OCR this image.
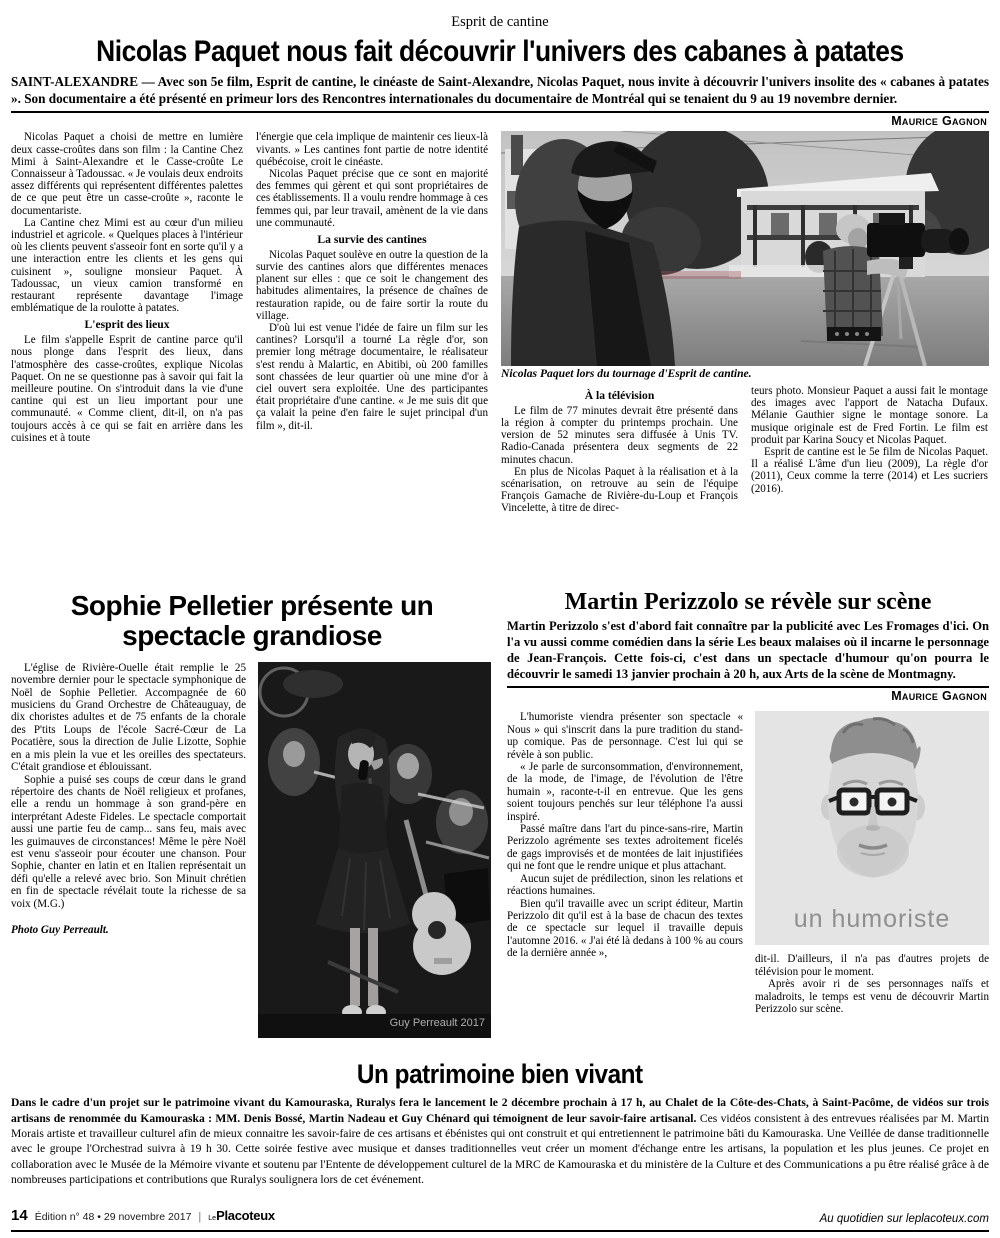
Esprit de cantine
Nicolas Paquet nous fait découvrir l'univers des cabanes à patates
SAINT-ALEXANDRE — Avec son 5e film, Esprit de cantine, le cinéaste de Saint-Alexandre, Nicolas Paquet, nous invite à découvrir l'univers insolite des « cabanes à patates ». Son documentaire a été présenté en primeur lors des Rencontres internationales du documentaire de Montréal qui se tenaient du 9 au 19 novembre dernier.
Maurice Gagnon

Nicolas Paquet a choisi de mettre en lumière deux casse-croûtes dans son film : la Cantine Chez Mimi à Saint-Alexandre et le Casse-croûte Le Connaisseur à Tadoussac. « Je voulais deux endroits assez différents qui représentent différentes palettes de ce que peut être un casse-croûte », raconte le documentariste.

La Cantine chez Mimi est au cœur d'un milieu industriel et agricole. « Quelques places à l'intérieur où les clients peuvent s'asseoir font en sorte qu'il y a une interaction entre les clients et les gens qui cuisinent », souligne monsieur Paquet. À Tadoussac, un vieux camion transformé en restaurant représente davantage l'image emblématique de la roulotte à patates.

L'esprit des lieux

Le film s'appelle Esprit de cantine parce qu'il nous plonge dans l'esprit des lieux, dans l'atmosphère des casse-croûtes, explique Nicolas Paquet. On ne se questionne pas à savoir qui fait la meilleure poutine. On s'introduit dans la vie d'une cantine qui est un lieu important pour une communauté. « Comme client, dit-il, on n'a pas toujours accès à ce qui se fait en arrière dans les cuisines et à toute

l'énergie que cela implique de maintenir ces lieux-là vivants. » Les cantines font partie de notre identité québécoise, croit le cinéaste.

Nicolas Paquet précise que ce sont en majorité des femmes qui gèrent et qui sont propriétaires de ces établissements. Il a voulu rendre hommage à ces femmes qui, par leur travail, amènent de la vie dans une communauté.

La survie des cantines

Nicolas Paquet soulève en outre la question de la survie des cantines alors que différentes menaces planent sur elles : que ce soit le changement des habitudes alimentaires, la présence de chaînes de restauration rapide, ou de faire sortir la route du village.

D'où lui est venue l'idée de faire un film sur les cantines? Lorsqu'il a tourné La règle d'or, son premier long métrage documentaire, le réalisateur s'est rendu à Malartic, en Abitibi, où 200 familles sont chassées de leur quartier où une mine d'or à ciel ouvert sera exploitée. Une des participantes était propriétaire d'une cantine. « Je me suis dit que ça valait la peine d'en faire le sujet principal d'un film », dit-il.

Nicolas Paquet lors du tournage d'Esprit de cantine.
À la télévision

Le film de 77 minutes devrait être présenté dans la région à compter du printemps prochain. Une version de 52 minutes sera diffusée à Unis TV. Radio-Canada présentera deux segments de 22 minutes chacun.

En plus de Nicolas Paquet à la réalisation et à la scénarisation, on retrouve au sein de l'équipe François Gamache de Rivière-du-Loup et François Vincelette, à titre de direc-

teurs photo. Monsieur Paquet a aussi fait le montage des images avec l'apport de Natacha Dufaux. Mélanie Gauthier signe le montage sonore. La musique originale est de Fred Fortin. Le film est produit par Karina Soucy et Nicolas Paquet.

Esprit de cantine est le 5e film de Nicolas Paquet. Il a réalisé L'âme d'un lieu (2009), La règle d'or (2011), Ceux comme la terre (2014) et Les sucriers (2016).

Sophie Pelletier présente un spectacle grandiose

L'église de Rivière-Ouelle était remplie le 25 novembre dernier pour le spectacle symphonique de Noël de Sophie Pelletier. Accompagnée de 60 musiciens du Grand Orchestre de Châteauguay, de dix choristes adultes et de 75 enfants de la chorale des P'tits Loups de l'école Sacré-Cœur de La Pocatière, sous la direction de Julie Lizotte, Sophie en a mis plein la vue et les oreilles des spectateurs. C'était grandiose et éblouissant.

Sophie a puisé ses coups de cœur dans le grand répertoire des chants de Noël religieux et profanes, elle a rendu un hommage à son grand-père en interprétant Adeste Fideles. Le spectacle comportait aussi une partie feu de camp... sans feu, mais avec les guimauves de circonstances! Même le père Noël est venu s'asseoir pour écouter une chanson. Pour Sophie, chanter en latin et en Italien représentait un défi qu'elle a relevé avec brio. Son Minuit chrétien en fin de spectacle révélait toute la richesse de sa voix (M.G.)

Photo Guy Perreault.

Guy Perreault 2017
Martin Perizzolo se révèle sur scène
Martin Perizzolo s'est d'abord fait connaître par la publicité avec Les Fromages d'ici. On l'a vu aussi comme comédien dans la série Les beaux malaises où il incarne le personnage de Jean-François. Cette fois-ci, c'est dans un spectacle d'humour qu'on pourra le découvrir le samedi 13 janvier prochain à 20 h, aux Arts de la scène de Montmagny.
Maurice Gagnon

L'humoriste viendra présenter son spectacle « Nous » qui s'inscrit dans la pure tradition du stand-up comique. Pas de personnage. C'est lui qui se révèle à son public.

« Je parle de surconsommation, d'environnement, de la mode, de l'image, de l'évolution de l'être humain », raconte-t-il en entrevue. Que les gens soient toujours penchés sur leur téléphone l'a aussi inspiré.

Passé maître dans l'art du pince-sans-rire, Martin Perizzolo agrémente ses textes adroitement ficelés de gags improvisés et de montées de lait injustifiées qui ne font que le rendre unique et plus attachant.

Aucun sujet de prédilection, sinon les relations et réactions humaines.

Bien qu'il travaille avec un script éditeur, Martin Perizzolo dit qu'il est à la base de chacun des textes de ce spectacle sur lequel il travaille depuis l'automne 2016. « J'ai été là dedans à 100 % au cours de la dernière année »,

un humoriste

dit-il. D'ailleurs, il n'a pas d'autres projets de télévision pour le moment.

Après avoir ri de ses personnages naïfs et maladroits, le temps est venu de découvrir Martin Perizzolo sur scène.

Un patrimoine bien vivant
Dans le cadre d'un projet sur le patrimoine vivant du Kamouraska, Ruralys fera le lancement le 2 décembre prochain à 17 h, au Chalet de la Côte-des-Chats, à Saint-Pacôme, de vidéos sur trois artisans de renommée du Kamouraska : MM. Denis Bossé, Martin Nadeau et Guy Chénard qui témoignent de leur savoir-faire artisanal. Ces vidéos consistent à des entrevues réalisées par M. Martin Morais artiste et travailleur culturel afin de mieux connaitre les savoir-faire de ces artisans et ébénistes qui ont construit et qui entretiennent le patrimoine bâti du Kamouraska. Une Veillée de danse traditionnelle avec le groupe l'Orchestrad suivra à 19 h 30. Cette soirée festive avec musique et danses traditionnelles veut créer un moment d'échange entre les artisans, la population et les plus jeunes. Ce projet en collaboration avec le Musée de la Mémoire vivante et soutenu par l'Entente de développement culturel de la MRC de Kamouraska et du ministère de la Culture et des Communications a pu être réalisé grâce à de nombreuses participations et contributions que Ruralys soulignera lors de cet événement.
14 Édition n° 48 • 29 novembre 2017 | LePlacoteux	Au quotidien sur leplacoteux.com
